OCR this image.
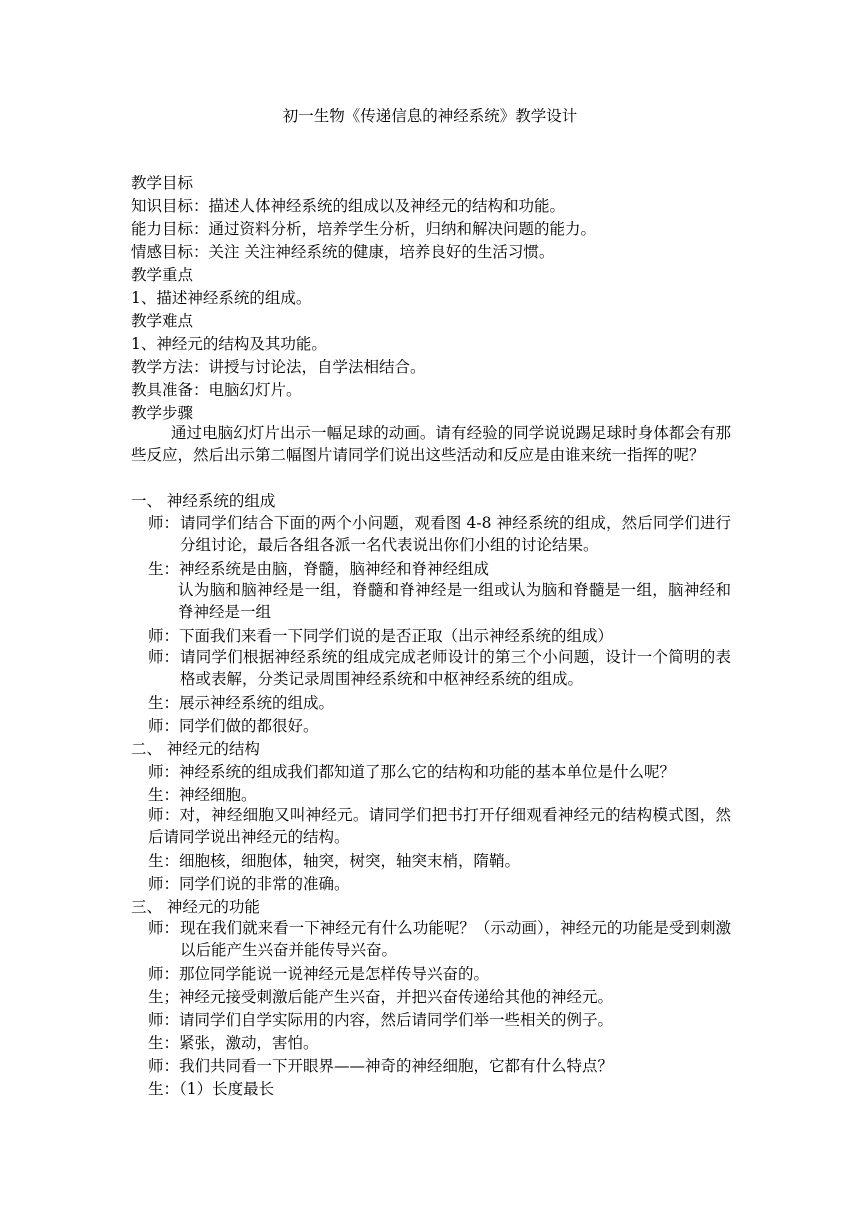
初一生物《传递信息的神经系统》教学设计
教学目标
知识目标：描述人体神经系统的组成以及神经元的结构和功能。
能力目标：通过资料分析，培养学生分析，归纳和解决问题的能力。
情感目标：关注 关注神经系统的健康，培养良好的生活习惯。
教学重点
1、描述神经系统的组成。
教学难点
1、神经元的结构及其功能。
教学方法：讲授与讨论法，自学法相结合。
教具准备：电脑幻灯片。
教学步骤
通过电脑幻灯片出示一幅足球的动画。请有经验的同学说说踢足球时身体都会有那些反应，然后出示第二幅图片请同学们说出这些活动和反应是由谁来统一指挥的呢？
一、 神经系统的组成
师： 请同学们结合下面的两个小问题，观看图 4-8 神经系统的组成，然后同学们进行分组讨论，最后各组各派一名代表说出你们小组的讨论结果。
生：神经系统是由脑，脊髓，脑神经和脊神经组成
认为脑和脑神经是一组，脊髓和脊神经是一组或认为脑和脊髓是一组，脑神经和脊神经是一组
师：下面我们来看一下同学们说的是否正取（出示神经系统的组成）
师： 请同学们根据神经系统的组成完成老师设计的第三个小问题，设计一个简明的表格或表解，分类记录周围神经系统和中枢神经系统的组成。
生：展示神经系统的组成。
师：同学们做的都很好。
二、 神经元的结构
师：神经系统的组成我们都知道了那么它的结构和功能的基本单位是什么呢？
生：神经细胞。
师：对，神经细胞又叫神经元。请同学们把书打开仔细观看神经元的结构模式图，然后请同学说出神经元的结构。
生：细胞核，细胞体，轴突，树突，轴突末梢，隋鞘。
师：同学们说的非常的准确。
三、 神经元的功能
师： 现在我们就来看一下神经元有什么功能呢？（示动画），神经元的功能是受到刺激以后能产生兴奋并能传导兴奋。
师：那位同学能说一说神经元是怎样传导兴奋的。
生；神经元接受刺激后能产生兴奋，并把兴奋传递给其他的神经元。
师：请同学们自学实际用的内容，然后请同学们举一些相关的例子。
生：紧张，激动，害怕。
师：我们共同看一下开眼界——神奇的神经细胞，它都有什么特点？
生：（1）长度最长
